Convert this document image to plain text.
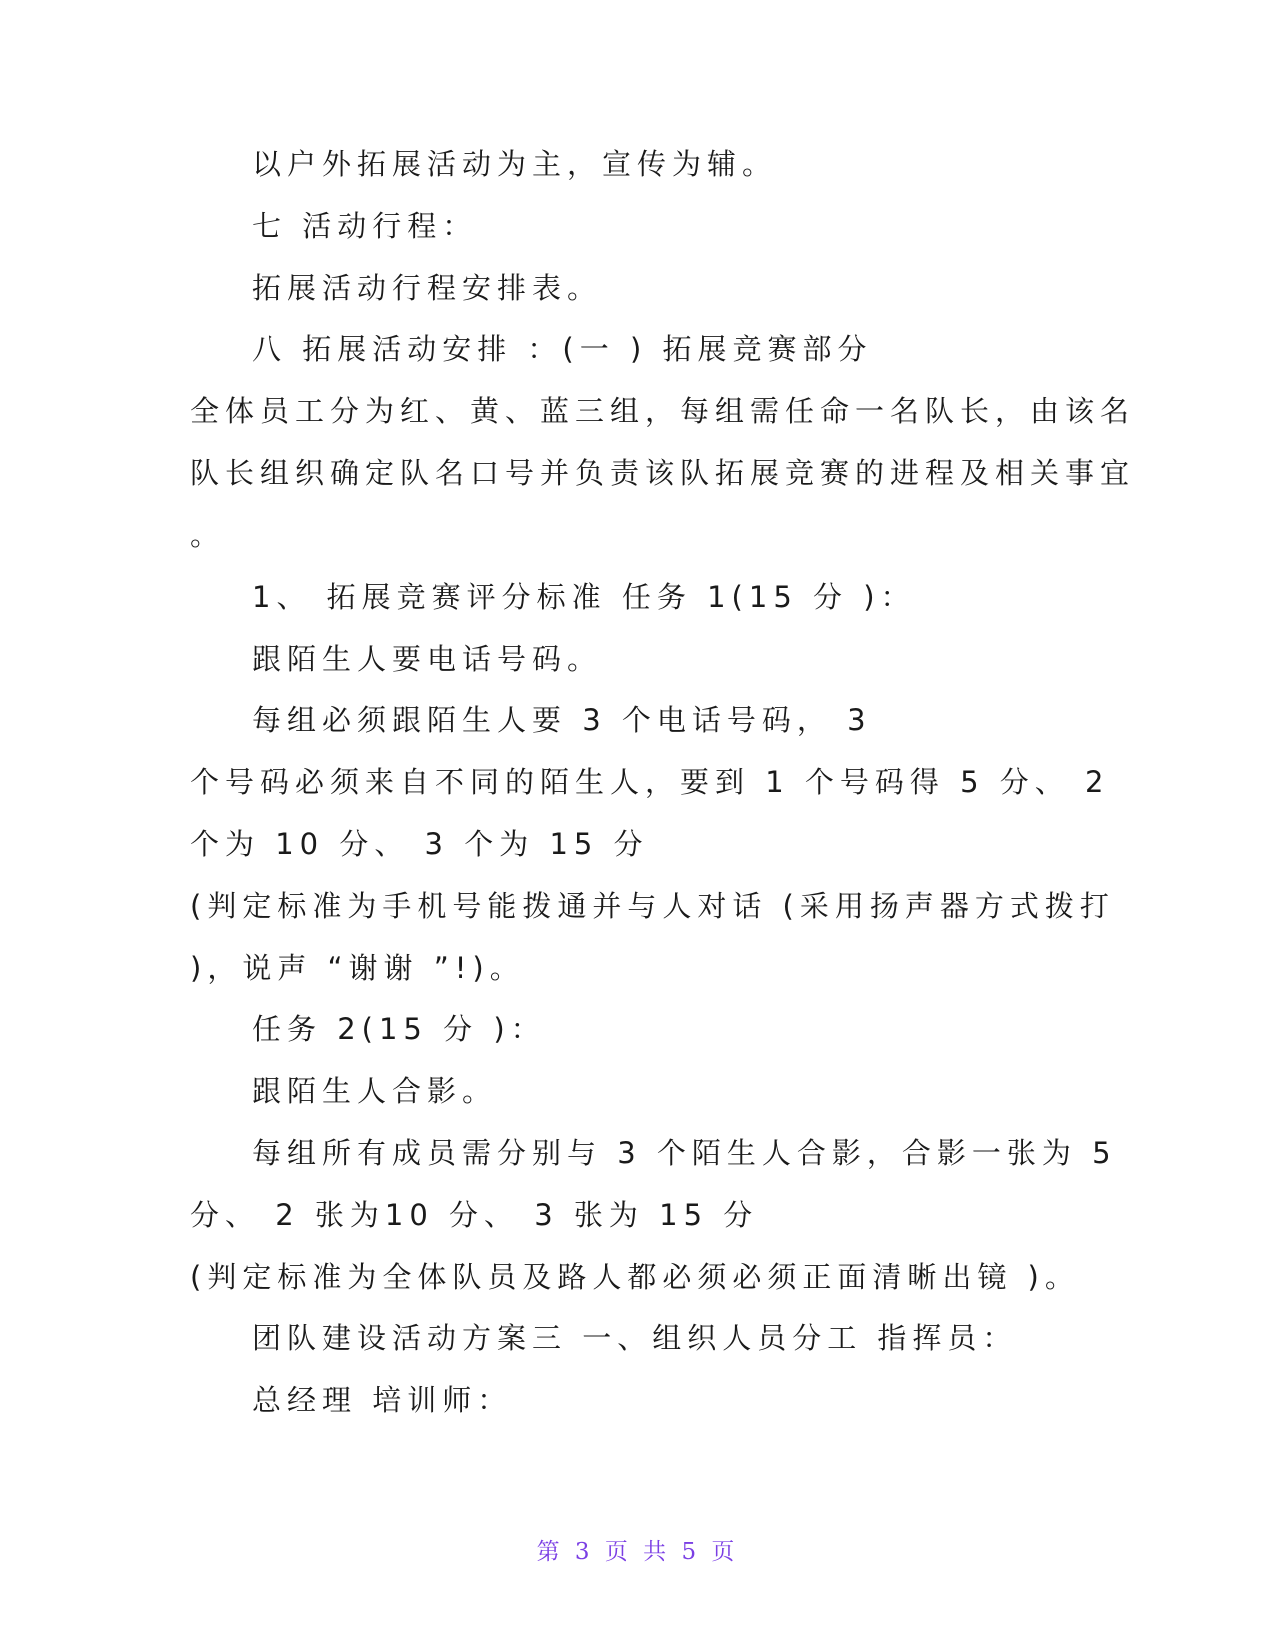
以户外拓展活动为主，宣传为辅。
七 活动行程：
拓展活动行程安排表。
八 拓展活动安排 ：(一 ) 拓展竞赛部分
全体员工分为红、黄、蓝三组，每组需任命一名队长，由该名
队长组织确定队名口号并负责该队拓展竞赛的进程及相关事宜
。
1、 拓展竞赛评分标准 任务 1(15 分 )：
跟陌生人要电话号码。
每组必须跟陌生人要 3 个电话号码， 3
个号码必须来自不同的陌生人，要到 1 个号码得 5 分、 2
个为 10 分、 3 个为 15 分
(判定标准为手机号能拨通并与人对话 (采用扬声器方式拨打
)，说声 “谢谢 ”!)。
任务 2(15 分 )：
跟陌生人合影。
每组所有成员需分别与 3 个陌生人合影，合影一张为 5
分、 2 张为10 分、 3 张为 15 分
(判定标准为全体队员及路人都必须必须正面清晰出镜 )。
团队建设活动方案三 一、组织人员分工 指挥员：
总经理 培训师：
第 3 页 共 5 页
